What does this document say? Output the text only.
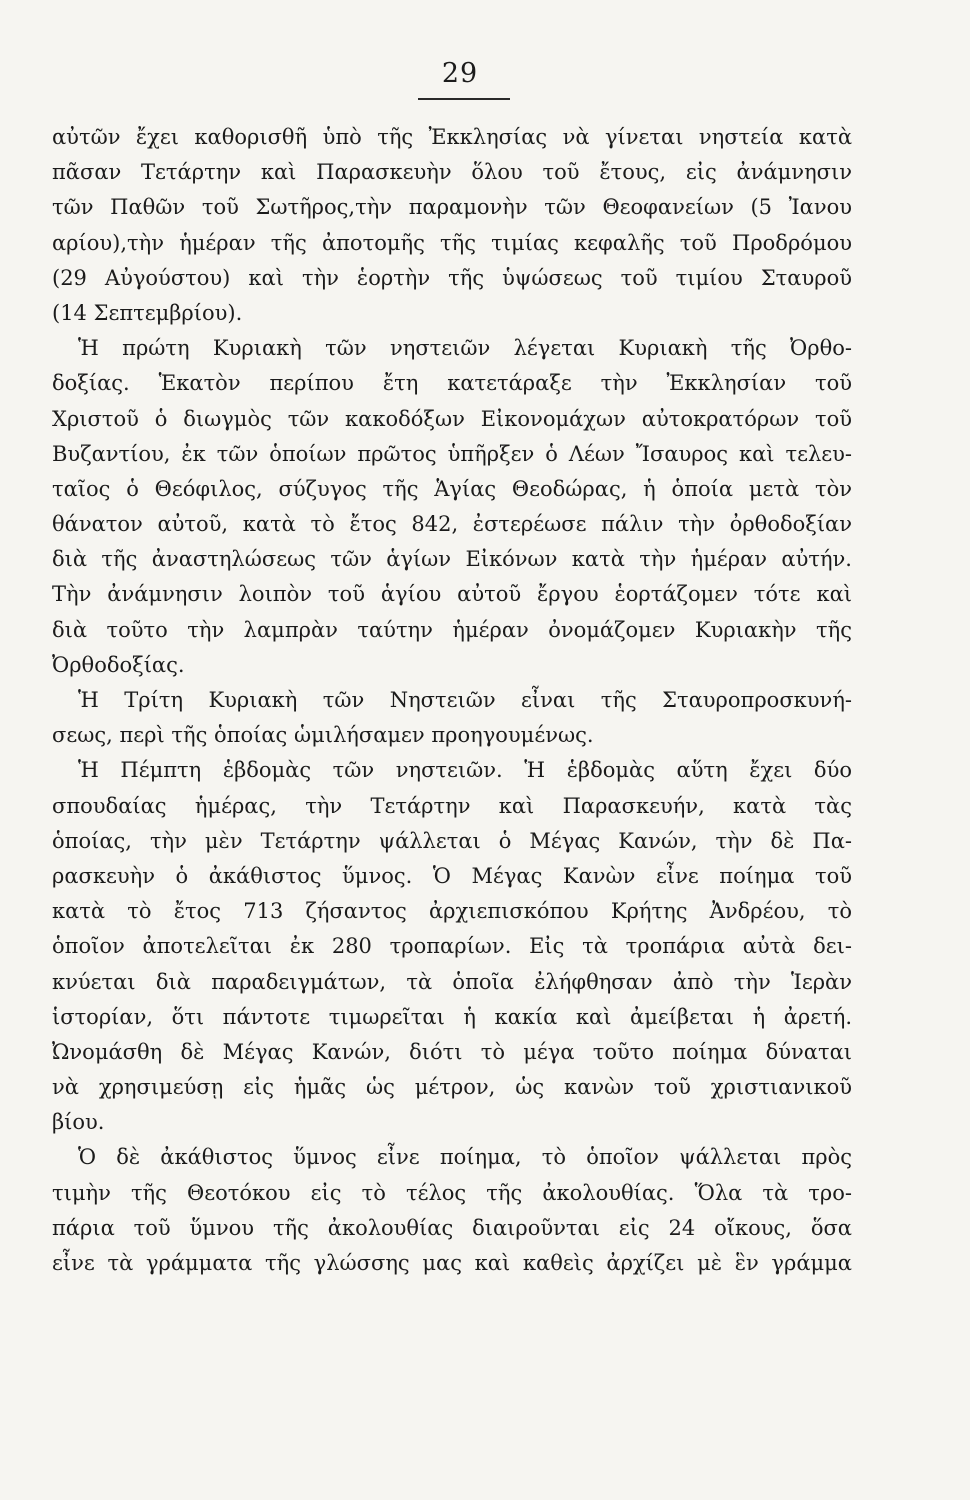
29
αὐτῶν ἔχει καθορισθῆ ὑπὸ τῆς Ἐκκλησίας νὰ γίνεται νηστεία κατὰ
πᾶσαν Τετάρτην καὶ Παρασκευὴν ὅλου τοῦ ἔτους, εἰς ἀνάμνησιν
τῶν Παθῶν τοῦ Σωτῆρος,τὴν παραμονὴν τῶν Θεοφανείων (5 Ἰανου
αρίου),τὴν ἡμέραν τῆς ἀποτομῆς τῆς τιμίας κεφαλῆς τοῦ Προδρόμου
(29 Αὐγούστου) καὶ τὴν ἑορτὴν τῆς ὑψώσεως τοῦ τιμίου Σταυροῦ
(14 Σεπτεμβρίου).
Ἡ πρώτη Κυριακὴ τῶν νηστειῶν λέγεται Κυριακὴ τῆς Ὀρθο-
δοξίας. Ἑκατὸν περίπου ἔτη κατετάραξε τὴν Ἐκκλησίαν τοῦ
Χριστοῦ ὁ διωγμὸς τῶν κακοδόξων Εἰκονομάχων αὐτοκρατόρων τοῦ
Βυζαντίου, ἐκ τῶν ὁποίων πρῶτος ὑπῆρξεν ὁ Λέων Ἴσαυρος καὶ τελευ-
ταῖος ὁ Θεόφιλος, σύζυγος τῆς Ἁγίας Θεοδώρας, ἡ ὁποία μετὰ τὸν
θάνατον αὐτοῦ, κατὰ τὸ ἔτος 842, ἐστερέωσε πάλιν τὴν ὀρθοδοξίαν
διὰ τῆς ἀναστηλώσεως τῶν ἁγίων Εἰκόνων κατὰ τὴν ἡμέραν αὐτήν.
Τὴν ἀνάμνησιν λοιπὸν τοῦ ἁγίου αὐτοῦ ἔργου ἑορτάζομεν τότε καὶ
διὰ τοῦτο τὴν λαμπρὰν ταύτην ἡμέραν ὀνομάζομεν Κυριακὴν τῆς
Ὀρθοδοξίας.
Ἡ Τρίτη Κυριακὴ τῶν Νηστειῶν εἶναι τῆς Σταυροπροσκυνή-
σεως, περὶ τῆς ὁποίας ὡμιλήσαμεν προηγουμένως.
Ἡ Πέμπτη ἑβδομὰς τῶν νηστειῶν. Ἡ ἑβδομὰς αὕτη ἔχει δύο
σπουδαίας ἡμέρας, τὴν Τετάρτην καὶ Παρασκευήν, κατὰ τὰς
ὁποίας, τὴν μὲν Τετάρτην ψάλλεται ὁ Μέγας Κανών, τὴν δὲ Πα-
ρασκευὴν ὁ ἀκάθιστος ὕμνος. Ὁ Μέγας Κανὼν εἶνε ποίημα τοῦ
κατὰ τὸ ἔτος 713 ζήσαντος ἀρχιεπισκόπου Κρήτης Ἀνδρέου, τὸ
ὁποῖον ἀποτελεῖται ἐκ 280 τροπαρίων. Εἰς τὰ τροπάρια αὐτὰ δει-
κνύεται διὰ παραδειγμάτων, τὰ ὁποῖα ἐλήφθησαν ἀπὸ τὴν Ἱερὰν
ἱστορίαν, ὅτι πάντοτε τιμωρεῖται ἡ κακία καὶ ἀμείβεται ἡ ἀρετή.
Ὠνομάσθη δὲ Μέγας Κανών, διότι τὸ μέγα τοῦτο ποίημα δύναται
νὰ χρησιμεύσῃ εἰς ἡμᾶς ὡς μέτρον, ὡς κανὼν τοῦ χριστιανικοῦ
βίου.
Ὁ δὲ ἀκάθιστος ὕμνος εἶνε ποίημα, τὸ ὁποῖον ψάλλεται πρὸς
τιμὴν τῆς Θεοτόκου εἰς τὸ τέλος τῆς ἀκολουθίας. Ὅλα τὰ τρο-
πάρια τοῦ ὕμνου τῆς ἀκολουθίας διαιροῦνται εἰς 24 οἴκους, ὅσα
εἶνε τὰ γράμματα τῆς γλώσσης μας καὶ καθεὶς ἀρχίζει μὲ ἓν γράμμα
